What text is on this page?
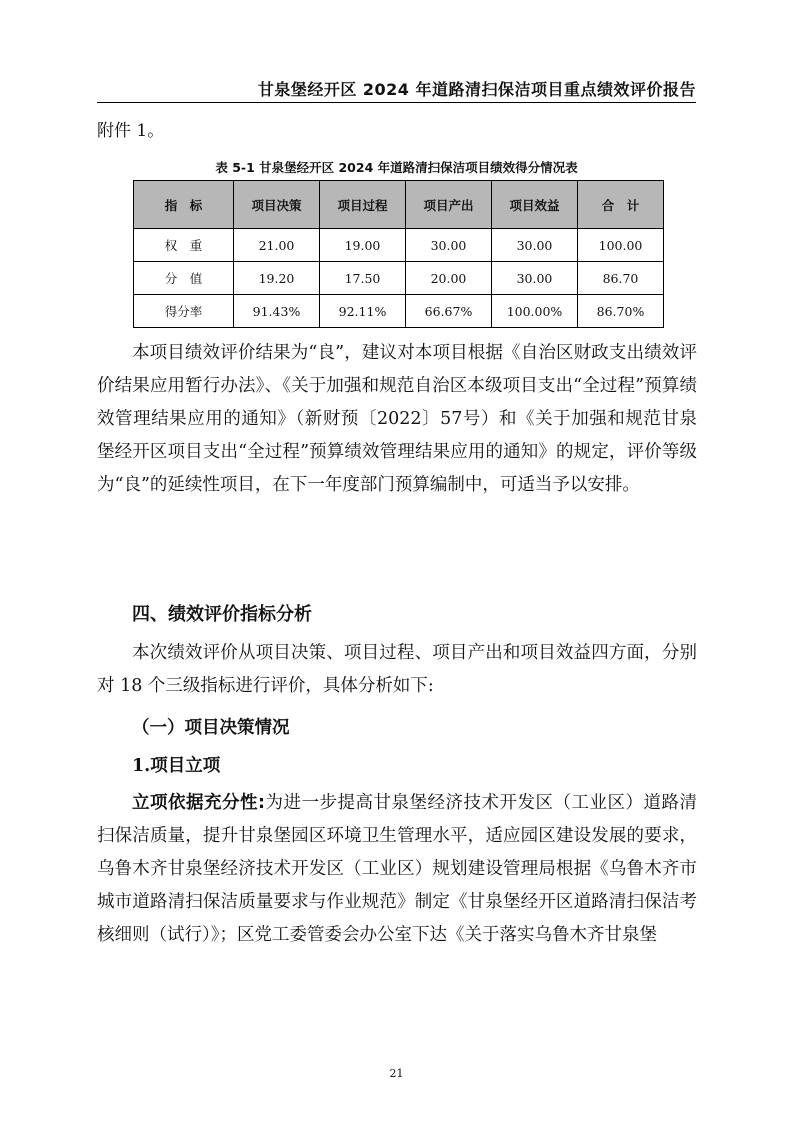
甘泉堡经开区 2024 年道路清扫保洁项目重点绩效评价报告
附件 1。
表 5-1 甘泉堡经开区 2024 年道路清扫保洁项目绩效得分情况表
指　标	项目决策	项目过程	项目产出	项目效益	合　计
权　重	21.00	19.00	30.00	30.00	100.00
分　值	19.20	17.50	20.00	30.00	86.70
得分率	91.43%	92.11%	66.67%	100.00%	86.70%

本项目绩效评价结果为“良”，建议对本项目根据《自治区财政支出绩效评价结果应用暂行办法》、《关于加强和规范自治区本级项目支出“全过程”预算绩效管理结果应用的通知》（新财预〔2022〕57号）和《关于加强和规范甘泉堡经开区项目支出“全过程”预算绩效管理结果应用的通知》的规定，评价等级为“良”的延续性项目，在下一年度部门预算编制中，可适当予以安排。

四、绩效评价指标分析

本次绩效评价从项目决策、项目过程、项目产出和项目效益四方面，分别对 18 个三级指标进行评价，具体分析如下:

（一）项目决策情况
1.项目立项

立项依据充分性:为进一步提高甘泉堡经济技术开发区（工业区）道路清扫保洁质量，提升甘泉堡园区环境卫生管理水平，适应园区建设发展的要求，乌鲁木齐甘泉堡经济技术开发区（工业区）规划建设管理局根据《乌鲁木齐市城市道路清扫保洁质量要求与作业规范》制定《甘泉堡经开区道路清扫保洁考核细则（试行）》；区党工委管委会办公室下达《关于落实乌鲁木齐甘泉堡

21
